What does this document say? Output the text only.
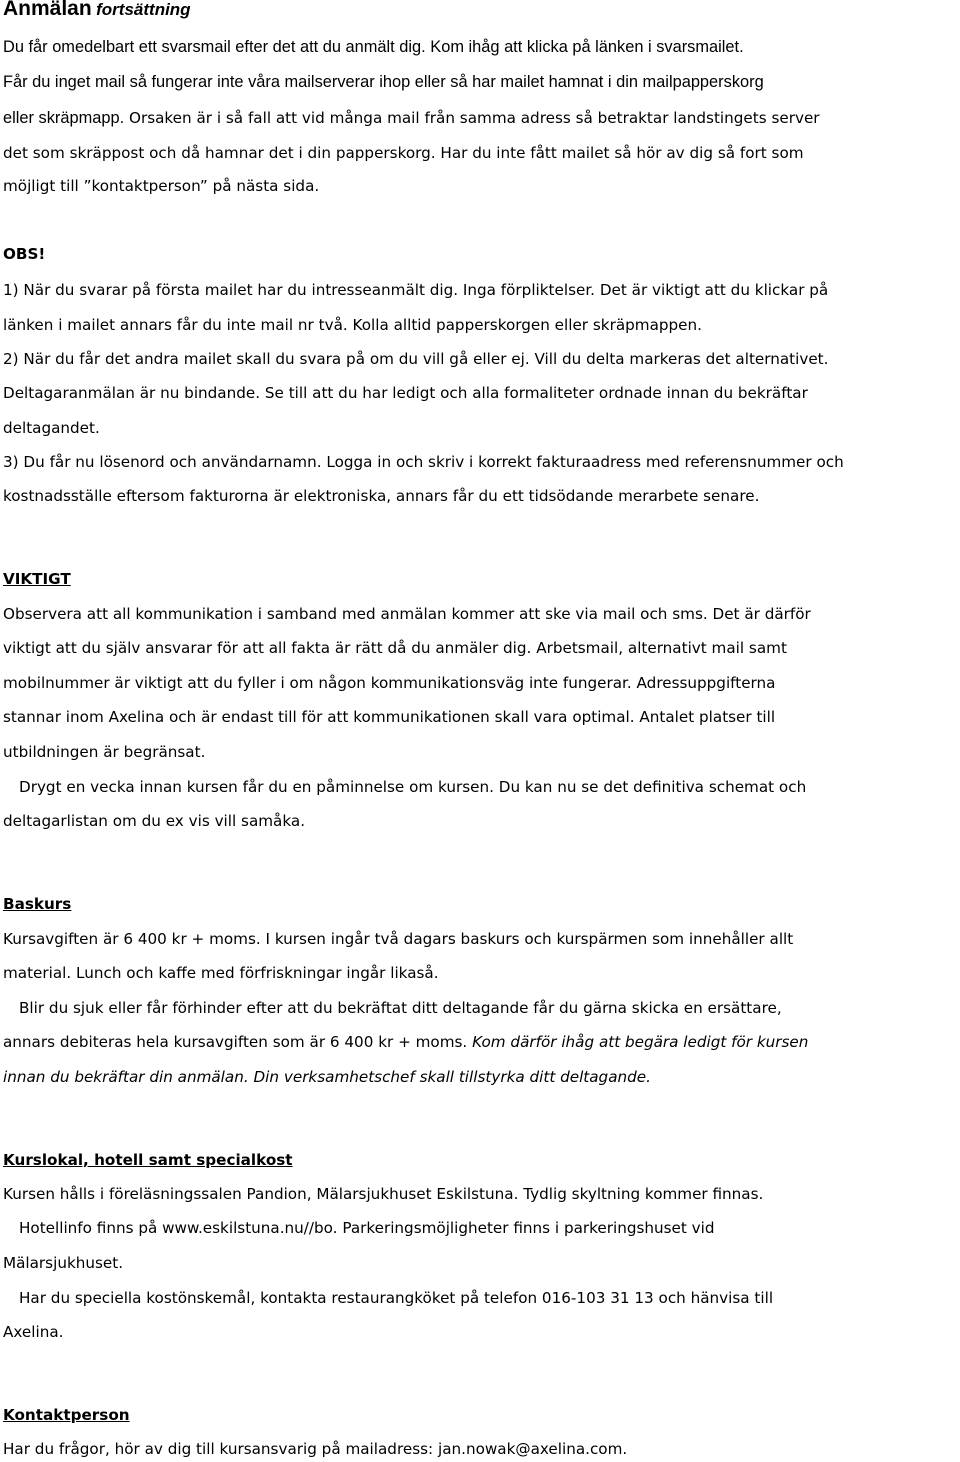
Anmälan fortsättning
Du får omedelbart ett svarsmail efter det att du anmält dig. Kom ihåg att klicka på länken i svarsmailet.
Får du inget mail så fungerar inte våra mailserverar ihop eller så har mailet hamnat i din mailpapperskorg
eller skräpmapp. Orsaken är i så fall att vid många mail från samma adress så betraktar landstingets server
det som skräppost och då hamnar det i din papperskorg. Har du inte fått mailet så hör av dig så fort som
möjligt till ”kontaktperson” på nästa sida.
OBS!
1) När du svarar på första mailet har du intresseanmält dig. Inga förpliktelser. Det är viktigt att du klickar på
länken i mailet annars får du inte mail nr två. Kolla alltid papperskorgen eller skräpmappen.
2) När du får det andra mailet skall du svara på om du vill gå eller ej. Vill du delta markeras det alternativet.
Deltagaranmälan är nu bindande. Se till att du har ledigt och alla formaliteter ordnade innan du bekräftar
deltagandet.
3) Du får nu lösenord och användarnamn. Logga in och skriv i korrekt fakturaadress med referensnummer och
kostnadsställe eftersom fakturorna är elektroniska, annars får du ett tidsödande merarbete senare.
VIKTIGT
Observera att all kommunikation i samband med anmälan kommer att ske via mail och sms. Det är därför
viktigt att du själv ansvarar för att all fakta är rätt då du anmäler dig. Arbetsmail, alternativt mail samt
mobilnummer är viktigt att du fyller i om någon kommunikationsväg inte fungerar. Adressuppgifterna
stannar inom Axelina och är endast till för att kommunikationen skall vara optimal. Antalet platser till
utbildningen är begränsat.
Drygt en vecka innan kursen får du en påminnelse om kursen. Du kan nu se det definitiva schemat och
deltagarlistan om du ex vis vill samåka.
Baskurs
Kursavgiften är 6 400 kr + moms. I kursen ingår två dagars baskurs och kurspärmen som innehåller allt
material. Lunch och kaffe med förfriskningar ingår likaså.
Blir du sjuk eller får förhinder efter att du bekräftat ditt deltagande får du gärna skicka en ersättare,
annars debiteras hela kursavgiften som är 6 400 kr + moms. Kom därför ihåg att begära ledigt för kursen
innan du bekräftar din anmälan. Din verksamhetschef skall tillstyrka ditt deltagande.
Kurslokal, hotell samt specialkost
Kursen hålls i föreläsningssalen Pandion, Mälarsjukhuset Eskilstuna. Tydlig skyltning kommer finnas.
Hotellinfo finns på www.eskilstuna.nu//bo. Parkeringsmöjligheter finns i parkeringshuset vid
Mälarsjukhuset.
Har du speciella kostönskemål, kontakta restaurangköket på telefon 016-103 31 13 och hänvisa till
Axelina.
Kontaktperson
Har du frågor, hör av dig till kursansvarig på mailadress: jan.nowak@axelina.com.
